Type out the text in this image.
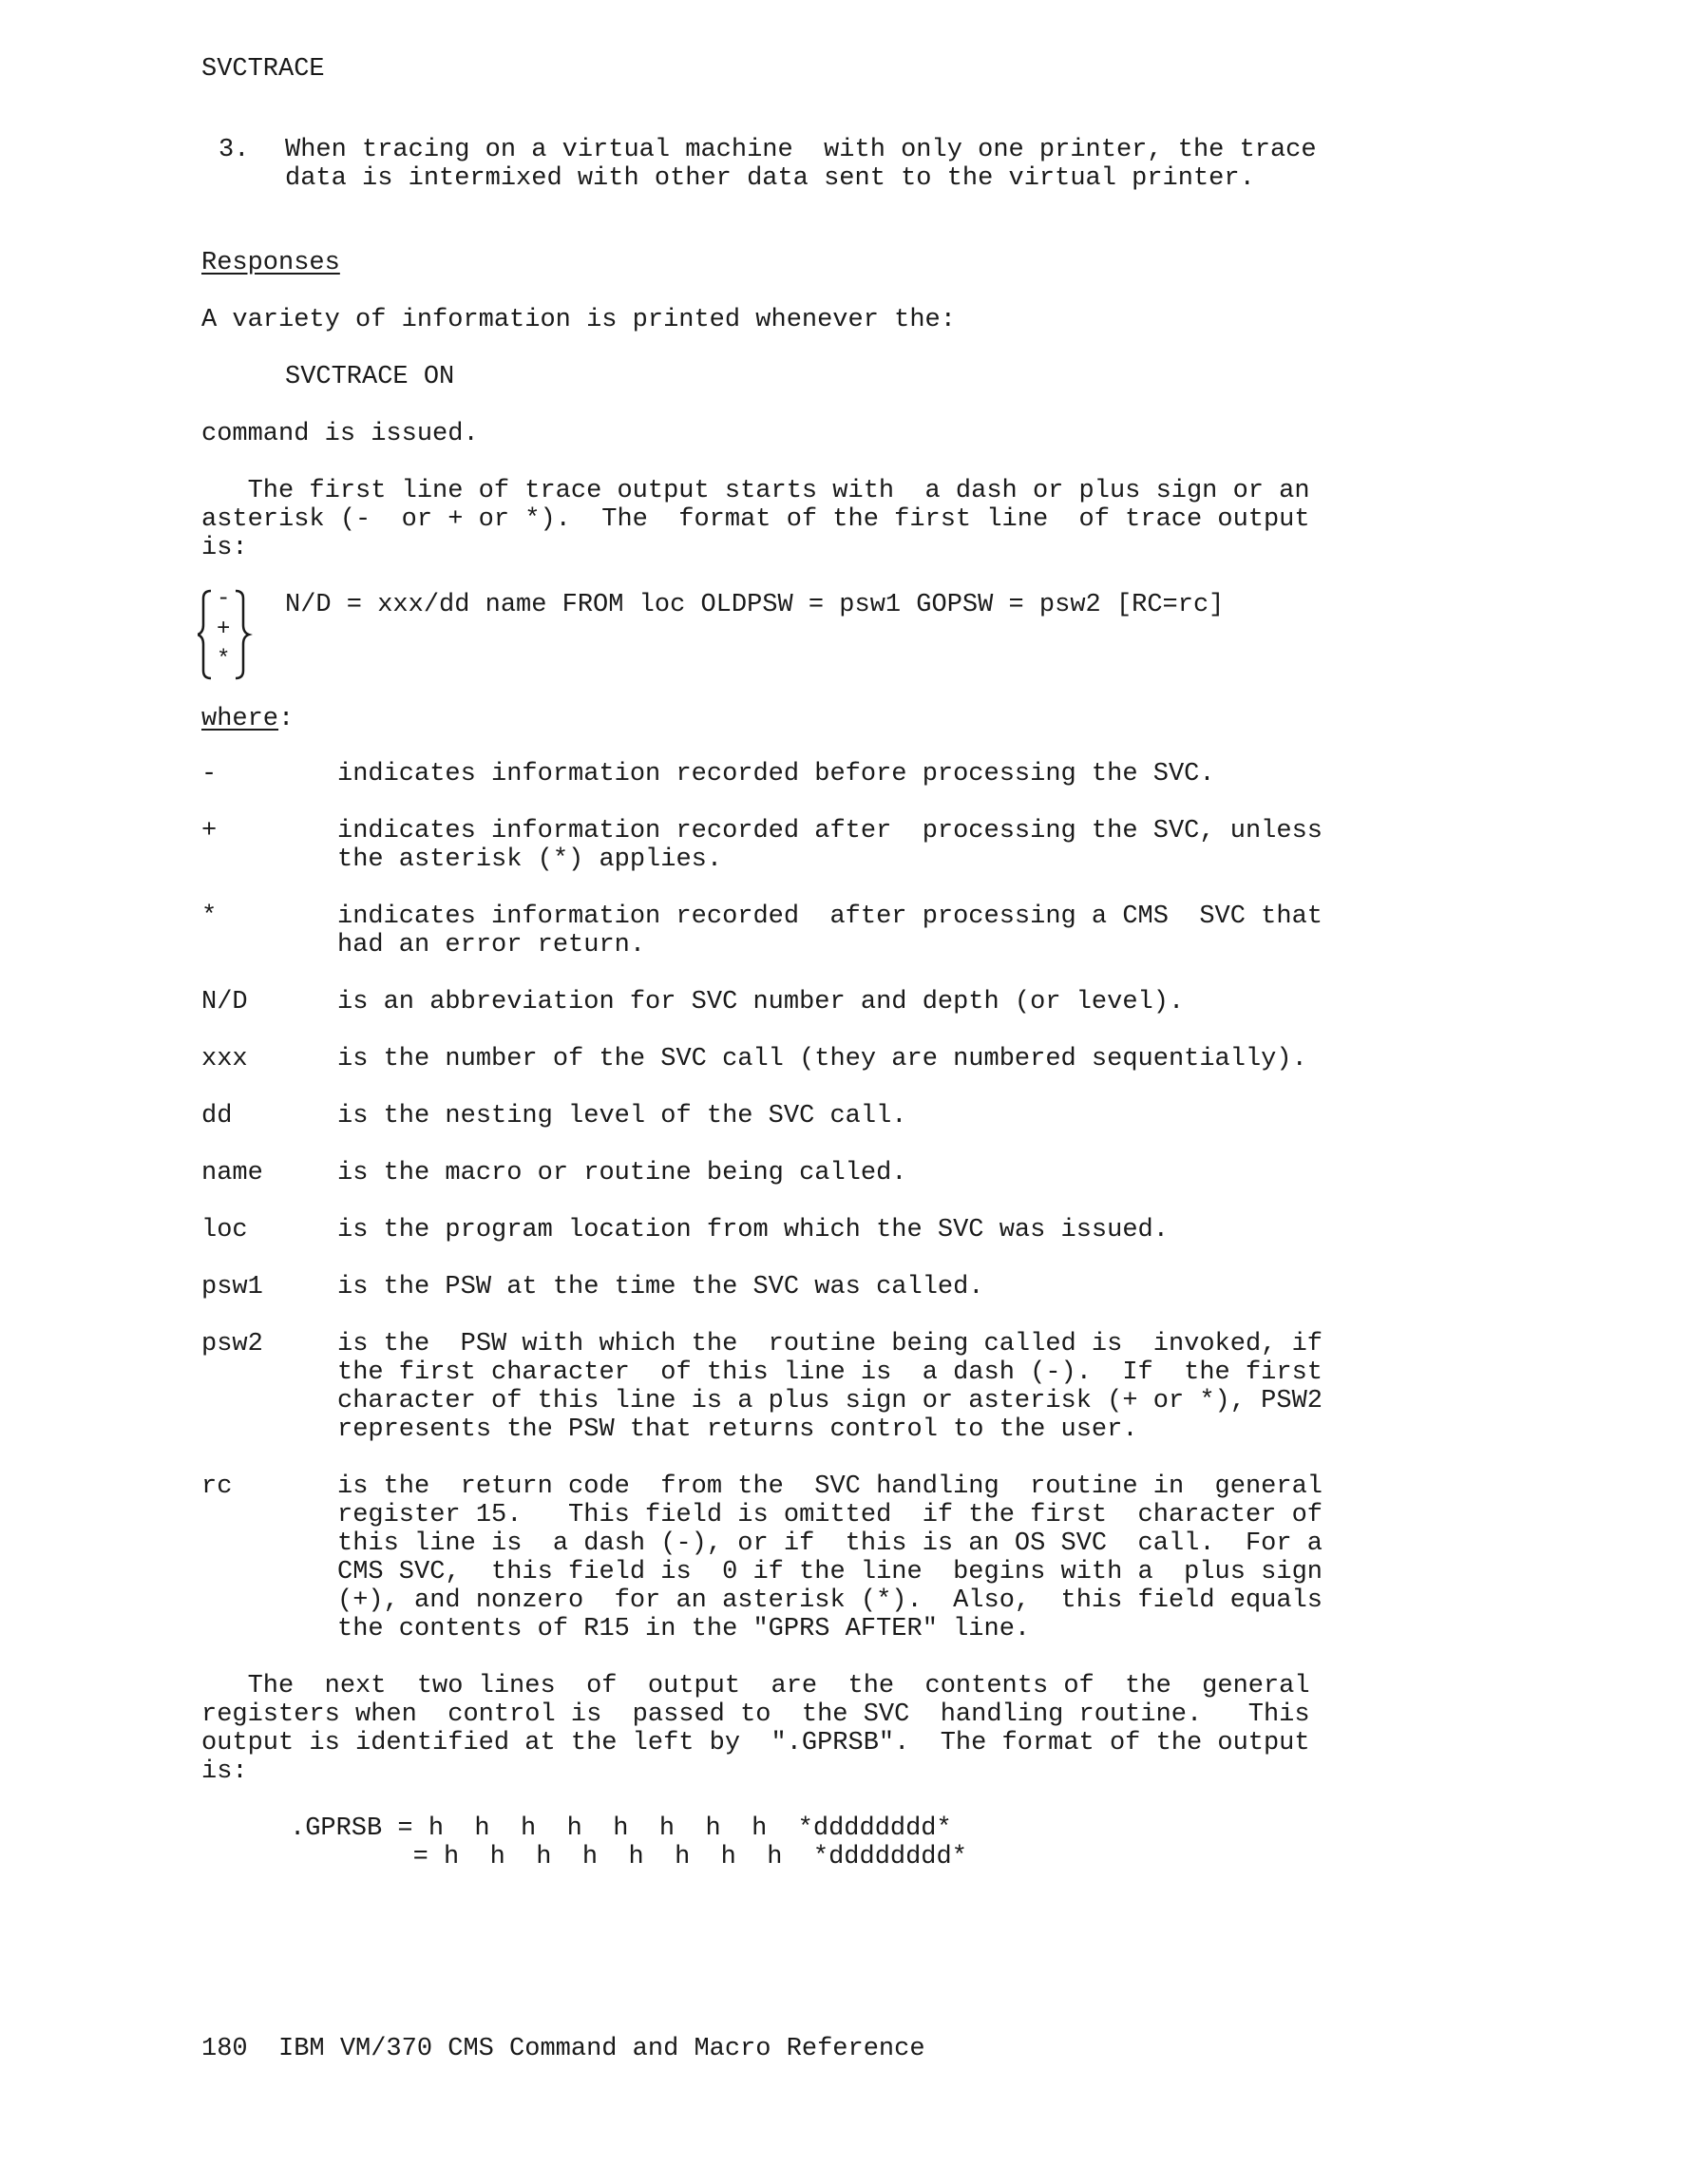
SVCTRACE
3. When tracing on a virtual machine  with only one printer, the trace
data is intermixed with other data sent to the virtual printer.
Responses
A variety of information is printed whenever the:
SVCTRACE ON
command is issued.
The first line of trace output starts with  a dash or plus sign or an
asterisk (-  or + or *).  The  format of the first line  of trace output
is:
-
+
*
N/D = xxx/dd name FROM loc OLDPSW = psw1 GOPSW = psw2 [RC=rc]
where:
-	indicates information recorded before processing the SVC.
+	indicates information recorded after  processing the SVC, unless
the asterisk (*) applies.
*	indicates information recorded  after processing a CMS  SVC that
had an error return.
N/D	is an abbreviation for SVC number and depth (or level).
xxx	is the number of the SVC call (they are numbered sequentially).
dd	is the nesting level of the SVC call.
name	is the macro or routine being called.
loc	is the program location from which the SVC was issued.
psw1	is the PSW at the time the SVC was called.
psw2	is the  PSW with which the  routine being called is  invoked, if
the first character  of this line is  a dash (-).  If  the first
character of this line is a plus sign or asterisk (+ or *), PSW2
represents the PSW that returns control to the user.
rc	is the  return code  from the  SVC handling  routine in  general
register 15.   This field is omitted  if the first  character of
this line is  a dash (-), or if  this is an OS SVC  call.  For a
CMS SVC,  this field is  0 if the line  begins with a  plus sign
(+), and nonzero  for an asterisk (*).  Also,  this field equals
the contents of R15 in the "GPRS AFTER" line.
The  next  two lines  of  output  are  the  contents of  the  general
registers when  control is  passed to  the SVC  handling routine.   This
output is identified at the left by  ".GPRSB".  The format of the output
is:
.GPRSB = h  h  h  h  h  h  h  h  *dddddddd*
= h  h  h  h  h  h  h  h  *dddddddd*
180  IBM VM/370 CMS Command and Macro Reference
